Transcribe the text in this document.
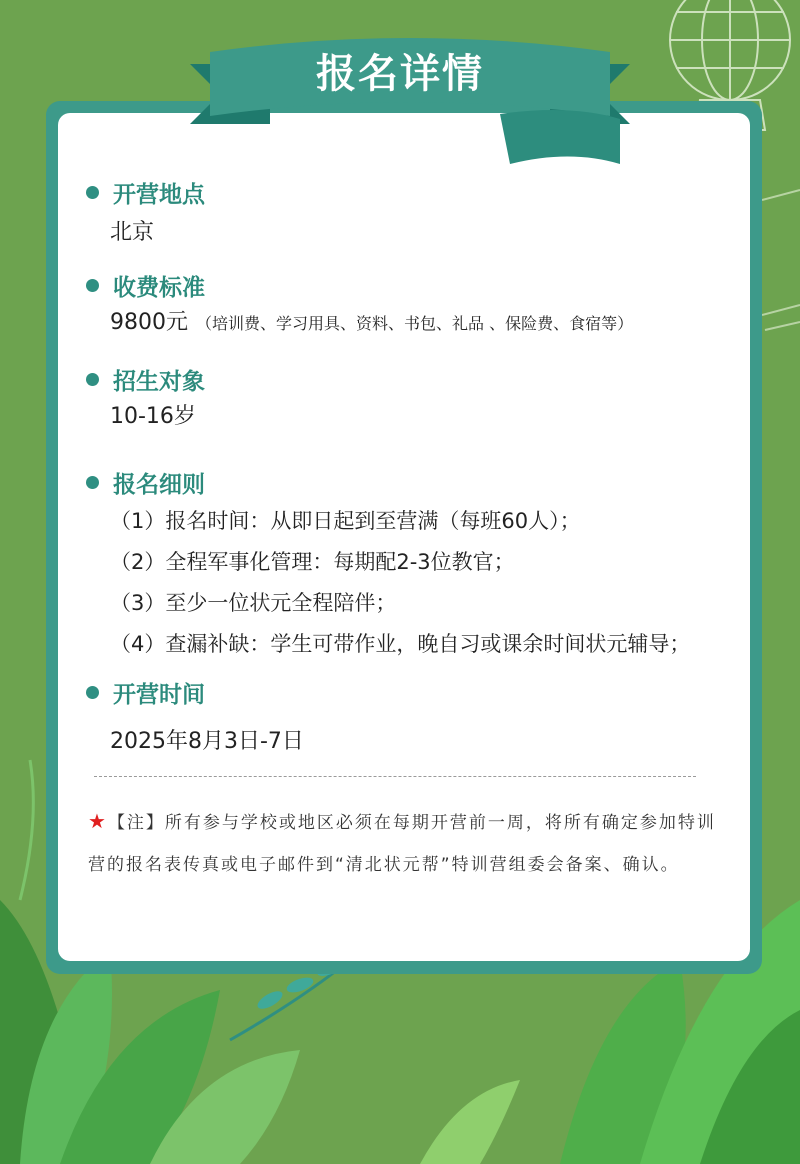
报名详情
开营地点
北京
收费标准
9800元 （培训费、学习用具、资料、书包、礼品 、保险费、食宿等）
招生对象
10-16岁
报名细则
（1）报名时间：从即日起到至营满（每班60人）；
（2）全程军事化管理：每期配2-3位教官；
（3）至少一位状元全程陪伴；
（4）查漏补缺：学生可带作业，晚自习或课余时间状元辅导；
开营时间
2025年8月3日-7日
★【注】所有参与学校或地区必须在每期开营前一周，将所有确定参加特训营的报名表传真或电子邮件到“清北状元帮”特训营组委会备案、确认。
